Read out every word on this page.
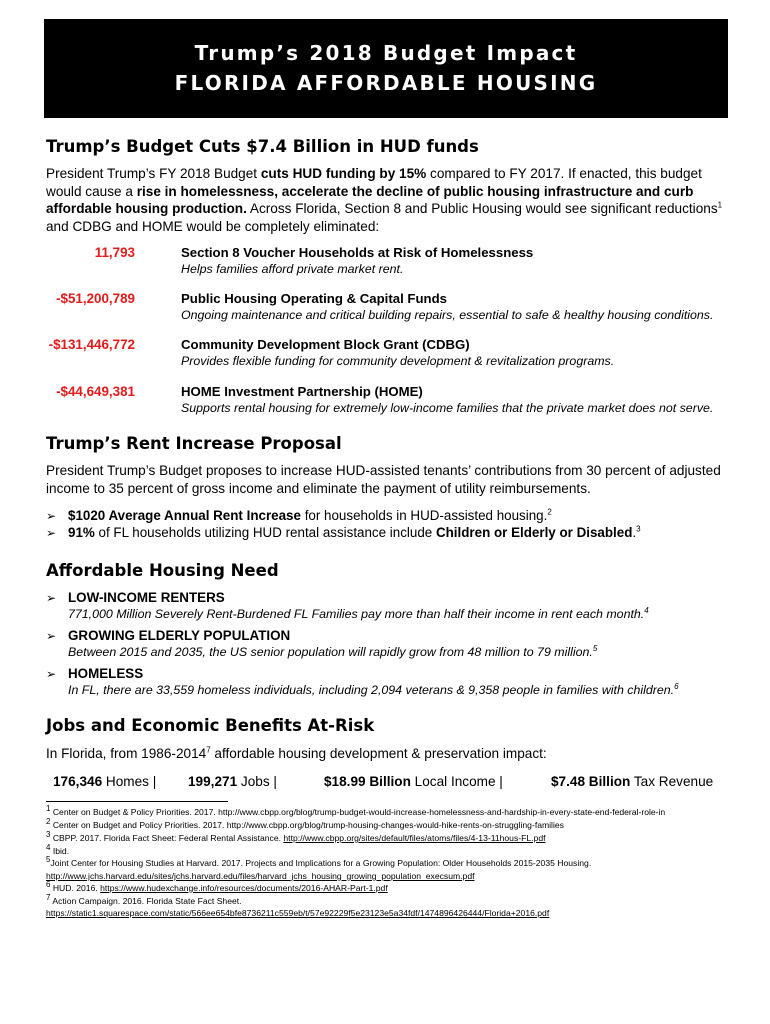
Trump’s 2018 Budget Impact
FLORIDA AFFORDABLE HOUSING
Trump’s Budget Cuts $7.4 Billion in HUD funds
President Trump’s FY 2018 Budget cuts HUD funding by 15% compared to FY 2017. If enacted, this budget would cause a rise in homelessness, accelerate the decline of public housing infrastructure and curb affordable housing production. Across Florida, Section 8 and Public Housing would see significant reductions$^1$ and CDBG and HOME would be completely eliminated:
11,793	Section 8 Voucher Households at Risk of Homelessness
Helps families afford private market rent.
-$51,200,789	Public Housing Operating & Capital Funds
Ongoing maintenance and critical building repairs, essential to safe & healthy housing conditions.
-$131,446,772	Community Development Block Grant (CDBG)
Provides flexible funding for community development & revitalization programs.
-$44,649,381	HOME Investment Partnership (HOME)
Supports rental housing for extremely low-income families that the private market does not serve.
Trump’s Rent Increase Proposal
President Trump’s Budget proposes to increase HUD-assisted tenants’ contributions from 30 percent of adjusted income to 35 percent of gross income and eliminate the payment of utility reimbursements.
➢ $1020 Average Annual Rent Increase for households in HUD-assisted housing.$^2$
➢ 91% of FL households utilizing HUD rental assistance include Children or Elderly or Disabled.$^3$
Affordable Housing Need
➢ LOW-INCOME RENTERS
771,000 Million Severely Rent-Burdened FL Families pay more than half their income in rent each month.$^4$
➢ GROWING ELDERLY POPULATION
Between 2015 and 2035, the US senior population will rapidly grow from 48 million to 79 million.$^5$
➢ HOMELESS
In FL, there are 33,559 homeless individuals, including 2,094 veterans & 9,358 people in families with children.$^6$
Jobs and Economic Benefits At-Risk
In Florida, from 1986-2014$^7$ affordable housing development & preservation impact:
176,346 Homes | 199,271 Jobs |	$18.99 Billion Local Income |	$7.48 Billion Tax Revenue
$^1$ Center on Budget & Policy Priorities. 2017. http://www.cbpp.org/blog/trump-budget-would-increase-homelessness-and-hardship-in-every-state-end-federal-role-in
$^2$ Center on Budget and Policy Priorities. 2017. http://www.cbpp.org/blog/trump-housing-changes-would-hike-rents-on-struggling-families
$^3$ CBPP. 2017. Florida Fact Sheet: Federal Rental Assistance. http://www.cbpp.org/sites/default/files/atoms/files/4-13-11hous-FL.pdf
$^4$ Ibid.
$^5$Joint Center for Housing Studies at Harvard. 2017. Projects and Implications for a Growing Population: Older Households 2015-2035 Housing.
http://www.jchs.harvard.edu/sites/jchs.harvard.edu/files/harvard_jchs_housing_growing_population_execsum.pdf
$^6$ HUD. 2016. https://www.hudexchange.info/resources/documents/2016-AHAR-Part-1.pdf
$^7$ Action Campaign. 2016. Florida State Fact Sheet.
https://static1.squarespace.com/static/566ee654bfe8736211c559eb/t/57e92229f5e23123e5a34fdf/1474896426444/Florida+2016.pdf
